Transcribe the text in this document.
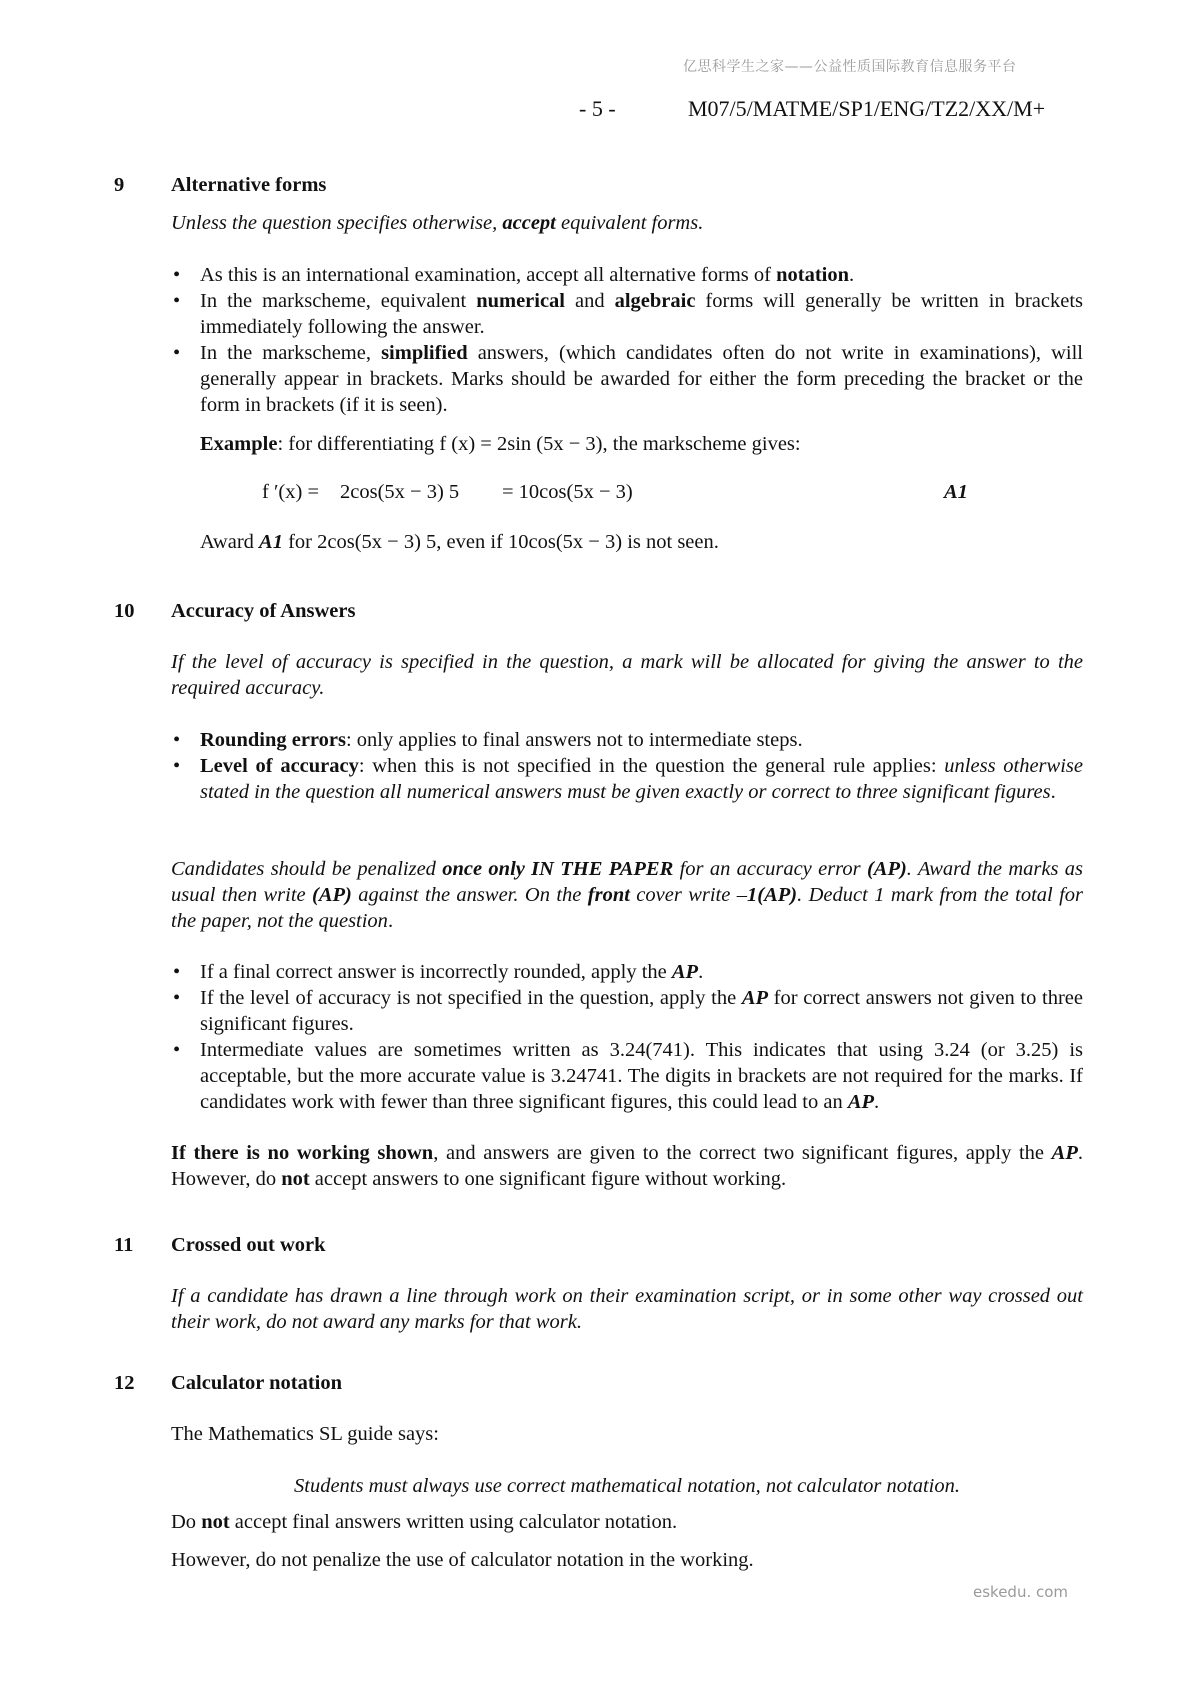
亿思科学生之家——公益性质国际教育信息服务平台
- 5 -	M07/5/MATME/SP1/ENG/TZ2/XX/M+
9 Alternative forms
Unless the question specifies otherwise, accept equivalent forms.
• As this is an international examination, accept all alternative forms of notation.
• In the markscheme, equivalent numerical and algebraic forms will generally be written in brackets immediately following the answer.
• In the markscheme, simplified answers, (which candidates often do not write in examinations), will generally appear in brackets. Marks should be awarded for either the form preceding the bracket or the form in brackets (if it is seen).
Example: for differentiating f (x) = 2sin (5x − 3), the markscheme gives:
f ′(x) = 2cos(5x − 3) 5 = 10cos(5x − 3)	A1
Award A1 for 2cos(5x − 3) 5, even if 10cos(5x − 3) is not seen.
10 Accuracy of Answers
If the level of accuracy is specified in the question, a mark will be allocated for giving the answer to the required accuracy.
• Rounding errors: only applies to final answers not to intermediate steps.
• Level of accuracy: when this is not specified in the question the general rule applies: unless otherwise stated in the question all numerical answers must be given exactly or correct to three significant figures.
Candidates should be penalized once only IN THE PAPER for an accuracy error (AP). Award the marks as usual then write (AP) against the answer. On the front cover write –1(AP). Deduct 1 mark from the total for the paper, not the question.
• If a final correct answer is incorrectly rounded, apply the AP.
• If the level of accuracy is not specified in the question, apply the AP for correct answers not given to three significant figures.
• Intermediate values are sometimes written as 3.24(741). This indicates that using 3.24 (or 3.25) is acceptable, but the more accurate value is 3.24741. The digits in brackets are not required for the marks. If candidates work with fewer than three significant figures, this could lead to an AP.
If there is no working shown, and answers are given to the correct two significant figures, apply the AP. However, do not accept answers to one significant figure without working.
11 Crossed out work
If a candidate has drawn a line through work on their examination script, or in some other way crossed out their work, do not award any marks for that work.
12 Calculator notation
The Mathematics SL guide says:
Students must always use correct mathematical notation, not calculator notation.
Do not accept final answers written using calculator notation.
However, do not penalize the use of calculator notation in the working.
eskedu. com
